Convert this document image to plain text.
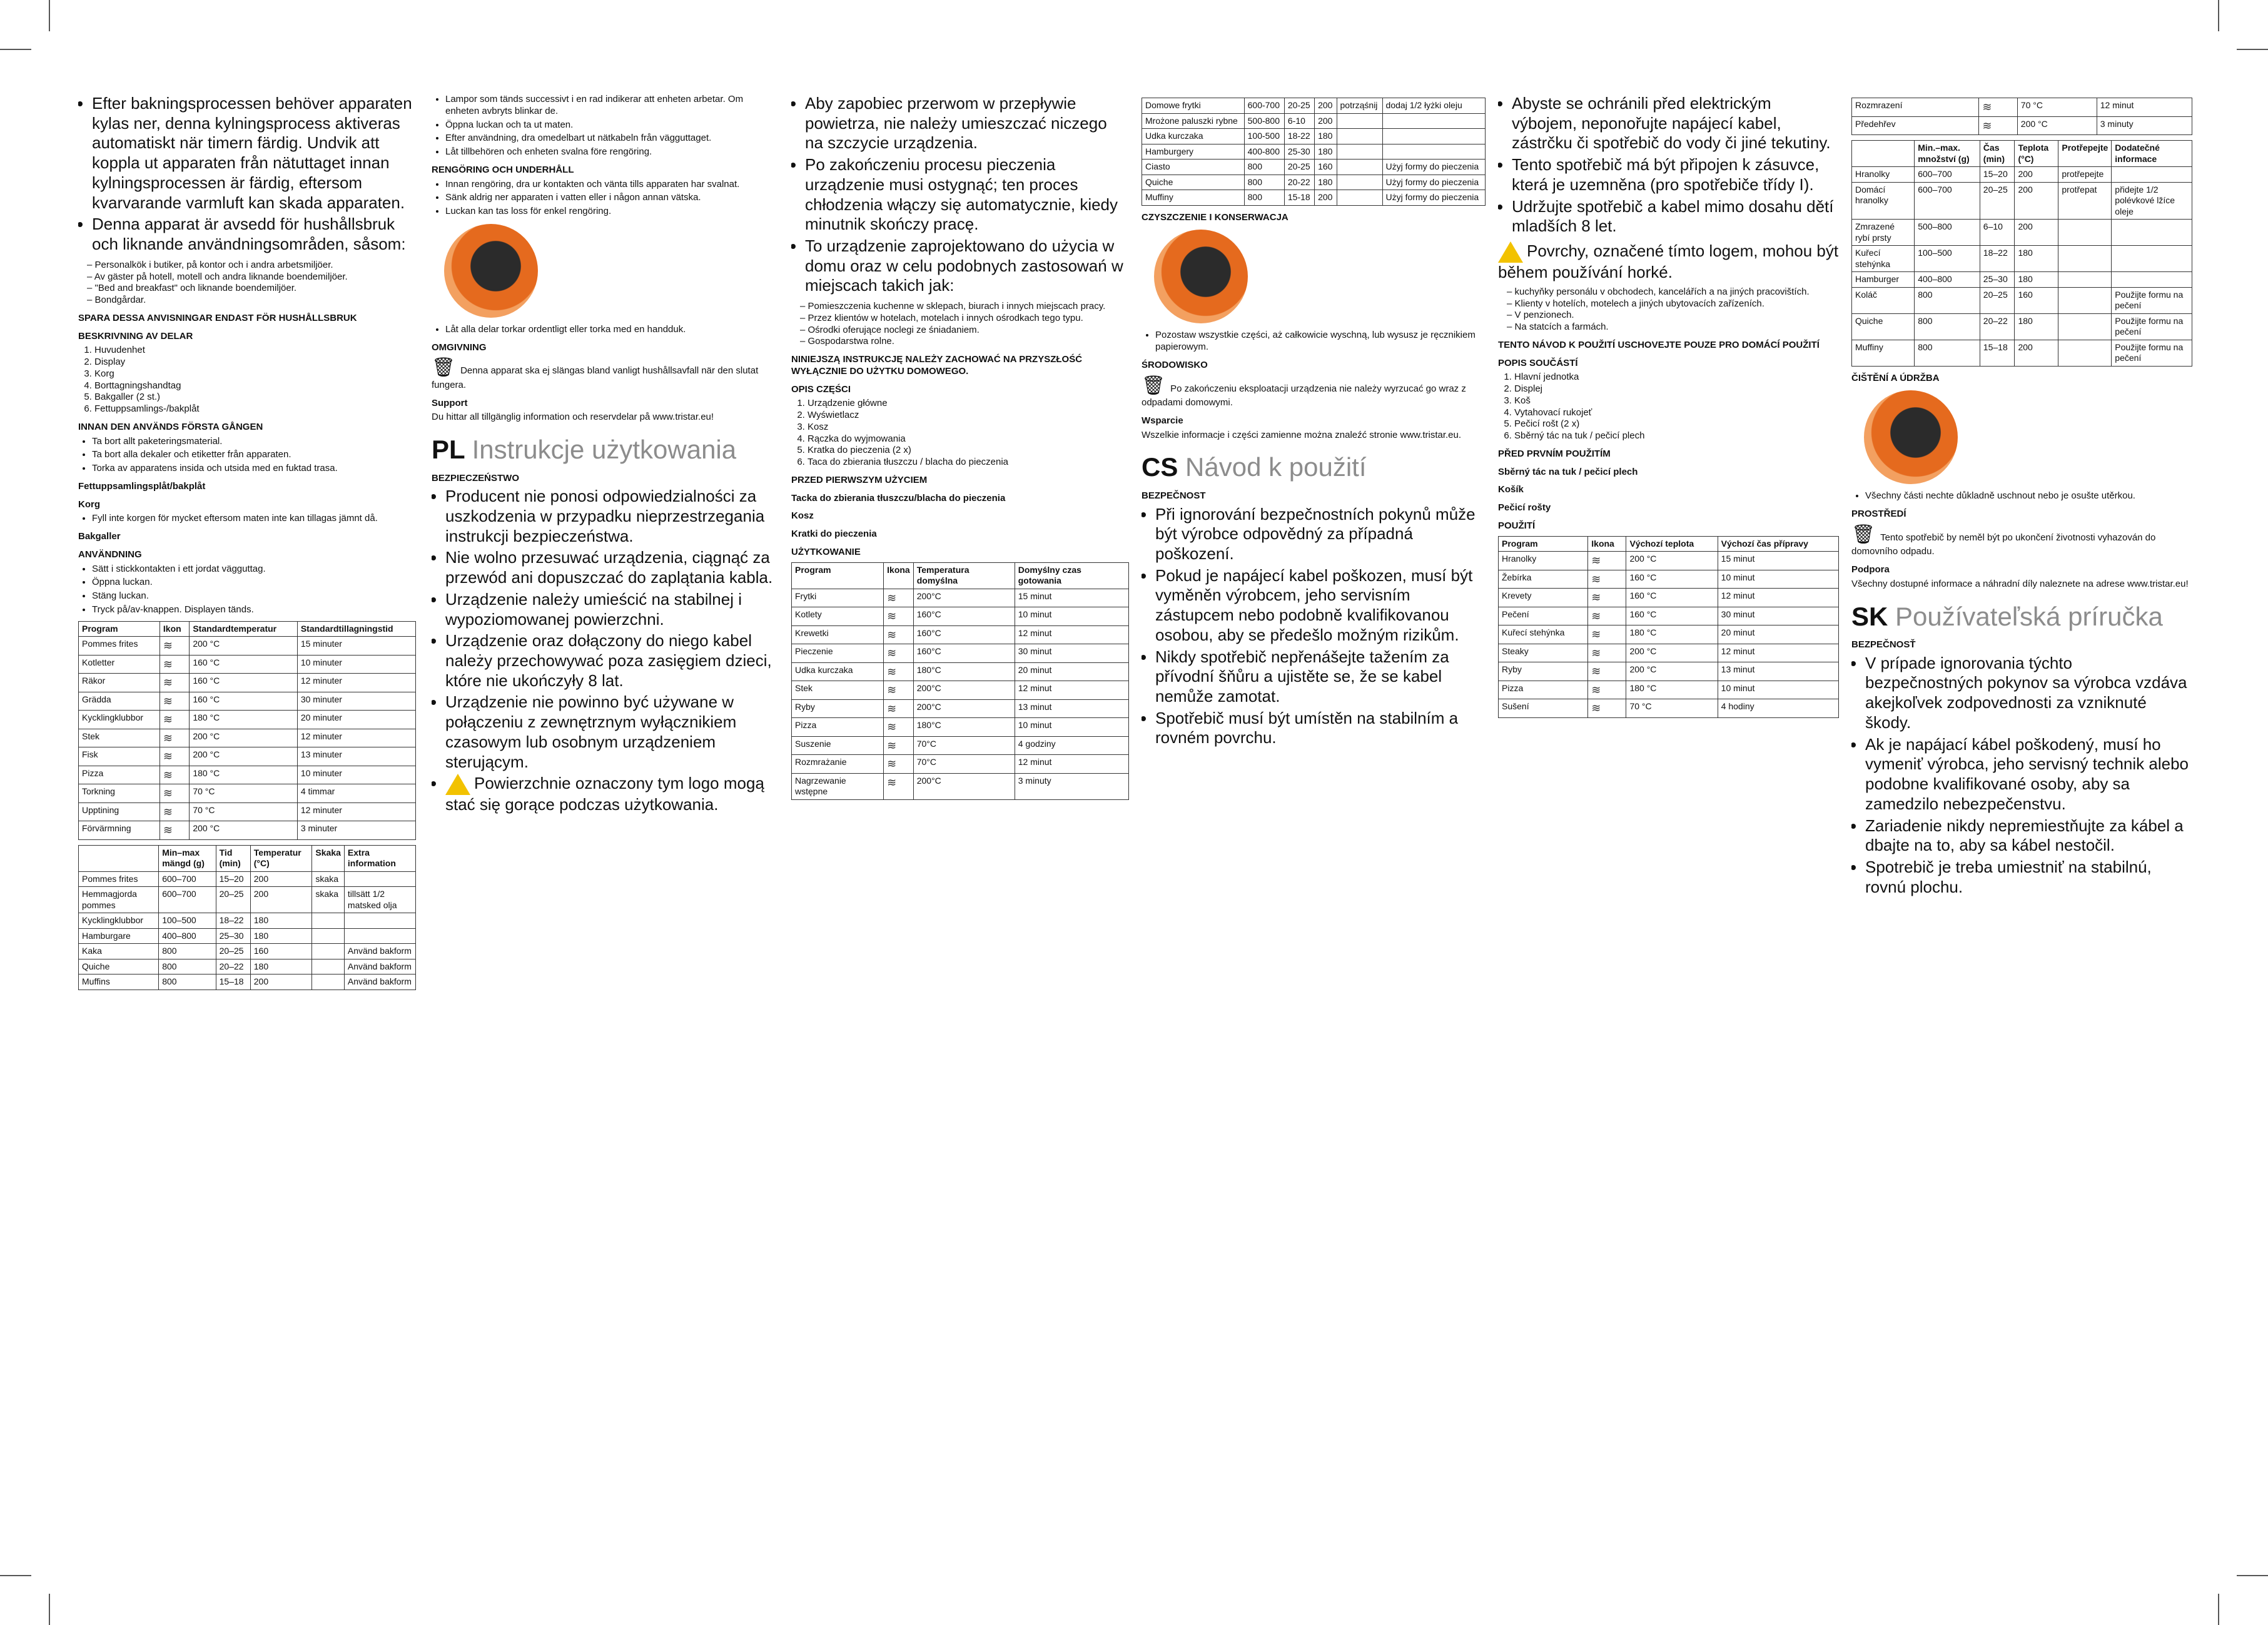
• Efter bakningsprocessen behöver apparaten kylas ner, denna kylningsprocess aktiveras automatiskt när timern färdig. Undvik att koppla ut apparaten från nätuttaget innan kylningsprocessen är färdig, eftersom kvarvarande varmluft kan skada apparaten.
• Denna apparat är avsedd för hushållsbruk och liknande användningsområden, såsom:
– Personalkök i butiker, på kontor och i andra arbetsmiljöer.
– Av gäster på hotell, motell och andra liknande boendemiljöer.
– "Bed and breakfast" och liknande boendemiljöer.
– Bondgårdar.
SPARA DESSA ANVISNINGAR ENDAST FÖR HUSHÅLLSBRUK
BESKRIVNING AV DELAR
1. Huvudenhet
2. Display
3. Korg
4. Borttagningshandtag
5. Bakgaller (2 st.)
6. Fettuppsamlings-/bakplåt
INNAN DEN ANVÄNDS FÖRSTA GÅNGEN
• Ta bort allt paketeringsmaterial.
• Ta bort alla dekaler och etiketter från apparaten.
• Torka av apparatens insida och utsida med en fuktad trasa.
Fettuppsamlingsplåt/bakplåt
Korg
• Fyll inte korgen för mycket eftersom maten inte kan tillagas jämnt då.
Bakgaller
ANVÄNDNING
• Sätt i stickkontakten i ett jordat vägguttag.
• Öppna luckan.
• Stäng luckan.
• Tryck på/av-knappen. Displayen tänds.
Program	Ikon	Standardtemperatur	Standardtillagningstid
Pommes frites	≋	200 °C	15 minuter
Kotletter	≋	160 °C	10 minuter
Räkor	≋	160 °C	12 minuter
Grädda	≋	160 °C	30 minuter
Kycklingklubbor	≋	180 °C	20 minuter
Stek	≋	200 °C	12 minuter
Fisk	≋	200 °C	13 minuter
Pizza	≋	180 °C	10 minuter
Torkning	≋	70 °C	4 timmar
Upptining	≋	70 °C	12 minuter
Förvärmning	≋	200 °C	3 minuter
	Min–max mängd (g)	Tid (min)	Temperatur (°C)	Skaka	Extra information
Pommes frites	600–700	15–20	200	skaka	
Hemmagjorda pommes	600–700	20–25	200	skaka	tillsätt 1/2 matsked olja
Kycklingklubbor	100–500	18–22	180		
Hamburgare	400–800	25–30	180		
Kaka	800	20–25	160		Använd bakform
Quiche	800	20–22	180		Använd bakform
Muffins	800	15–18	200		Använd bakform
• Lampor som tänds successivt i en rad indikerar att enheten arbetar. Om enheten avbryts blinkar de.
• Öppna luckan och ta ut maten.
• Efter användning, dra omedelbart ut nätkabeln från vägguttaget.
• Låt tillbehören och enheten svalna före rengöring.
RENGÖRING OCH UNDERHÅLL
• Innan rengöring, dra ur kontakten och vänta tills apparaten har svalnat.
• Sänk aldrig ner apparaten i vatten eller i någon annan vätska.
• Luckan kan tas loss för enkel rengöring.
• Låt alla delar torkar ordentligt eller torka med en handduk.
OMGIVNING

🗑 Denna apparat ska ej slängas bland vanligt hushållsavfall när den slutat fungera.

Support

Du hittar all tillgänglig information och reservdelar på www.tristar.eu!

PL Instrukcje użytkowania
BEZPIECZEŃSTWO
• Producent nie ponosi odpowiedzialności za uszkodzenia w przypadku nieprzestrzegania instrukcji bezpieczeństwa.
• Nie wolno przesuwać urządzenia, ciągnąć za przewód ani dopuszczać do zaplątania kabla.
• Urządzenie należy umieścić na stabilnej i wypoziomowanej powierzchni.
• Urządzenie oraz dołączony do niego kabel należy przechowywać poza zasięgiem dzieci, które nie ukończyły 8 lat.
• Urządzenie nie powinno być używane w połączeniu z zewnętrznym wyłącznikiem czasowym lub osobnym urządzeniem sterującym.
• Powierzchnie oznaczony tym logo mogą stać się gorące podczas użytkowania.
• Aby zapobiec przerwom w przepływie powietrza, nie należy umieszczać niczego na szczycie urządzenia.
• Po zakończeniu procesu pieczenia urządzenie musi ostygnąć; ten proces chłodzenia włączy się automatycznie, kiedy minutnik skończy pracę.
• To urządzenie zaprojektowano do użycia w domu oraz w celu podobnych zastosowań w miejscach takich jak:
– Pomieszczenia kuchenne w sklepach, biurach i innych miejscach pracy.
– Przez klientów w hotelach, motelach i innych ośrodkach tego typu.
– Ośrodki oferujące noclegi ze śniadaniem.
– Gospodarstwa rolne.
NINIEJSZĄ INSTRUKCJĘ NALEŻY ZACHOWAĆ NA PRZYSZŁOŚĆ WYŁĄCZNIE DO UŻYTKU DOMOWEGO.
OPIS CZĘŚCI
1. Urządzenie główne
2. Wyświetlacz
3. Kosz
4. Rączka do wyjmowania
5. Kratka do pieczenia (2 x)
6. Taca do zbierania tłuszczu / blacha do pieczenia
PRZED PIERWSZYM UŻYCIEM
Tacka do zbierania tłuszczu/blacha do pieczenia
Kosz
Kratki do pieczenia
UŻYTKOWANIE
Program	Ikona	Temperatura domyślna	Domyślny czas gotowania
Frytki	≋	200°C	15 minut
Kotlety	≋	160°C	10 minut
Krewetki	≋	160°C	12 minut
Pieczenie	≋	160°C	30 minut
Udka kurczaka	≋	180°C	20 minut
Stek	≋	200°C	12 minut
Ryby	≋	200°C	13 minut
Pizza	≋	180°C	10 minut
Suszenie	≋	70°C	4 godziny
Rozmrażanie	≋	70°C	12 minut
Nagrzewanie wstępne	≋	200°C	3 minuty
Domowe frytki	600-700	20-25	200	potrząśnij	dodaj 1/2 łyżki oleju
Mrożone paluszki rybne	500-800	6-10	200		
Udka kurczaka	100-500	18-22	180		
Hamburgery	400-800	25-30	180		
Ciasto	800	20-25	160		Użyj formy do pieczenia
Quiche	800	20-22	180		Użyj formy do pieczenia
Muffiny	800	15-18	200		Użyj formy do pieczenia
CZYSZCZENIE I KONSERWACJA
• Pozostaw wszystkie części, aż całkowicie wyschną, lub wysusz je ręcznikiem papierowym.
ŚRODOWISKO

🗑 Po zakończeniu eksploatacji urządzenia nie należy wyrzucać go wraz z odpadami domowymi.

Wsparcie

Wszelkie informacje i części zamienne można znaleźć stronie www.tristar.eu.

CS Návod k použití
BEZPEČNOST
• Při ignorování bezpečnostních pokynů může být výrobce odpovědný za případná poškození.
• Pokud je napájecí kabel poškozen, musí být vyměněn výrobcem, jeho servisním zástupcem nebo podobně kvalifikovanou osobou, aby se předešlo možným rizikům.
• Nikdy spotřebič nepřenášejte tažením za přívodní šňůru a ujistěte se, že se kabel nemůže zamotat.
• Spotřebič musí být umístěn na stabilním a rovném povrchu.
• Abyste se ochránili před elektrickým výbojem, neponořujte napájecí kabel, zástrčku či spotřebič do vody či jiné tekutiny.
• Tento spotřebič má být připojen k zásuvce, která je uzemněna (pro spotřebiče třídy I).
• Udržujte spotřebič a kabel mimo dosahu dětí mladších 8 let.

Povrchy, označené tímto logem, mohou být během používání horké.

– kuchyňky personálu v obchodech, kancelářích a na jiných pracovištích.
– Klienty v hotelích, motelech a jiných ubytovacích zařízeních.
– V penzionech.
– Na statcích a farmách.
TENTO NÁVOD K POUŽITÍ USCHOVEJTE POUZE PRO DOMÁCÍ POUŽITÍ
POPIS SOUČÁSTÍ
1. Hlavní jednotka
2. Displej
3. Koš
4. Vytahovací rukojeť
5. Pečicí rošt (2 x)
6. Sběrný tác na tuk / pečicí plech
PŘED PRVNÍM POUŽITÍM
Sběrný tác na tuk / pečicí plech
Košík
Pečicí rošty
POUŽITÍ
Program	Ikona	Výchozí teplota	Výchozí čas přípravy
Hranolky	≋	200 °C	15 minut
Žebírka	≋	160 °C	10 minut
Krevety	≋	160 °C	12 minut
Pečení	≋	160 °C	30 minut
Kuřecí stehýnka	≋	180 °C	20 minut
Steaky	≋	200 °C	12 minut
Ryby	≋	200 °C	13 minut
Pizza	≋	180 °C	10 minut
Sušení	≋	70 °C	4 hodiny
Rozmrazení	≋	70 °C	12 minut
Předehřev	≋	200 °C	3 minuty
	Min.–max. množství (g)	Čas (min)	Teplota (°C)	Protřepejte	Dodatečné informace
Hranolky	600–700	15–20	200	protřepejte	
Domácí hranolky	600–700	20–25	200	protřepat	přidejte 1/2 polévkové lžíce oleje
Zmrazené rybí prsty	500–800	6–10	200		
Kuřecí stehýnka	100–500	18–22	180		
Hamburger	400–800	25–30	180		
Koláč	800	20–25	160		Použijte formu na pečení
Quiche	800	20–22	180		Použijte formu na pečení
Muffiny	800	15–18	200		Použijte formu na pečení
ČIŠTĚNÍ A ÚDRŽBA
• Všechny části nechte důkladně uschnout nebo je osušte utěrkou.
PROSTŘEDÍ

🗑 Tento spotřebič by neměl být po ukončení životnosti vyhazován do domovního odpadu.

Podpora

Všechny dostupné informace a náhradní díly naleznete na adrese www.tristar.eu!

SK Používateľská príručka
BEZPEČNOSŤ
• V prípade ignorovania týchto bezpečnostných pokynov sa výrobca vzdáva akejkoľvek zodpovednosti za vzniknuté škody.
• Ak je napájací kábel poškodený, musí ho vymeniť výrobca, jeho servisný technik alebo podobne kvalifikované osoby, aby sa zamedzilo nebezpečenstvu.
• Zariadenie nikdy nepremiestňujte za kábel a dbajte na to, aby sa kábel nestočil.
• Spotrebič je treba umiestniť na stabilnú, rovnú plochu.
